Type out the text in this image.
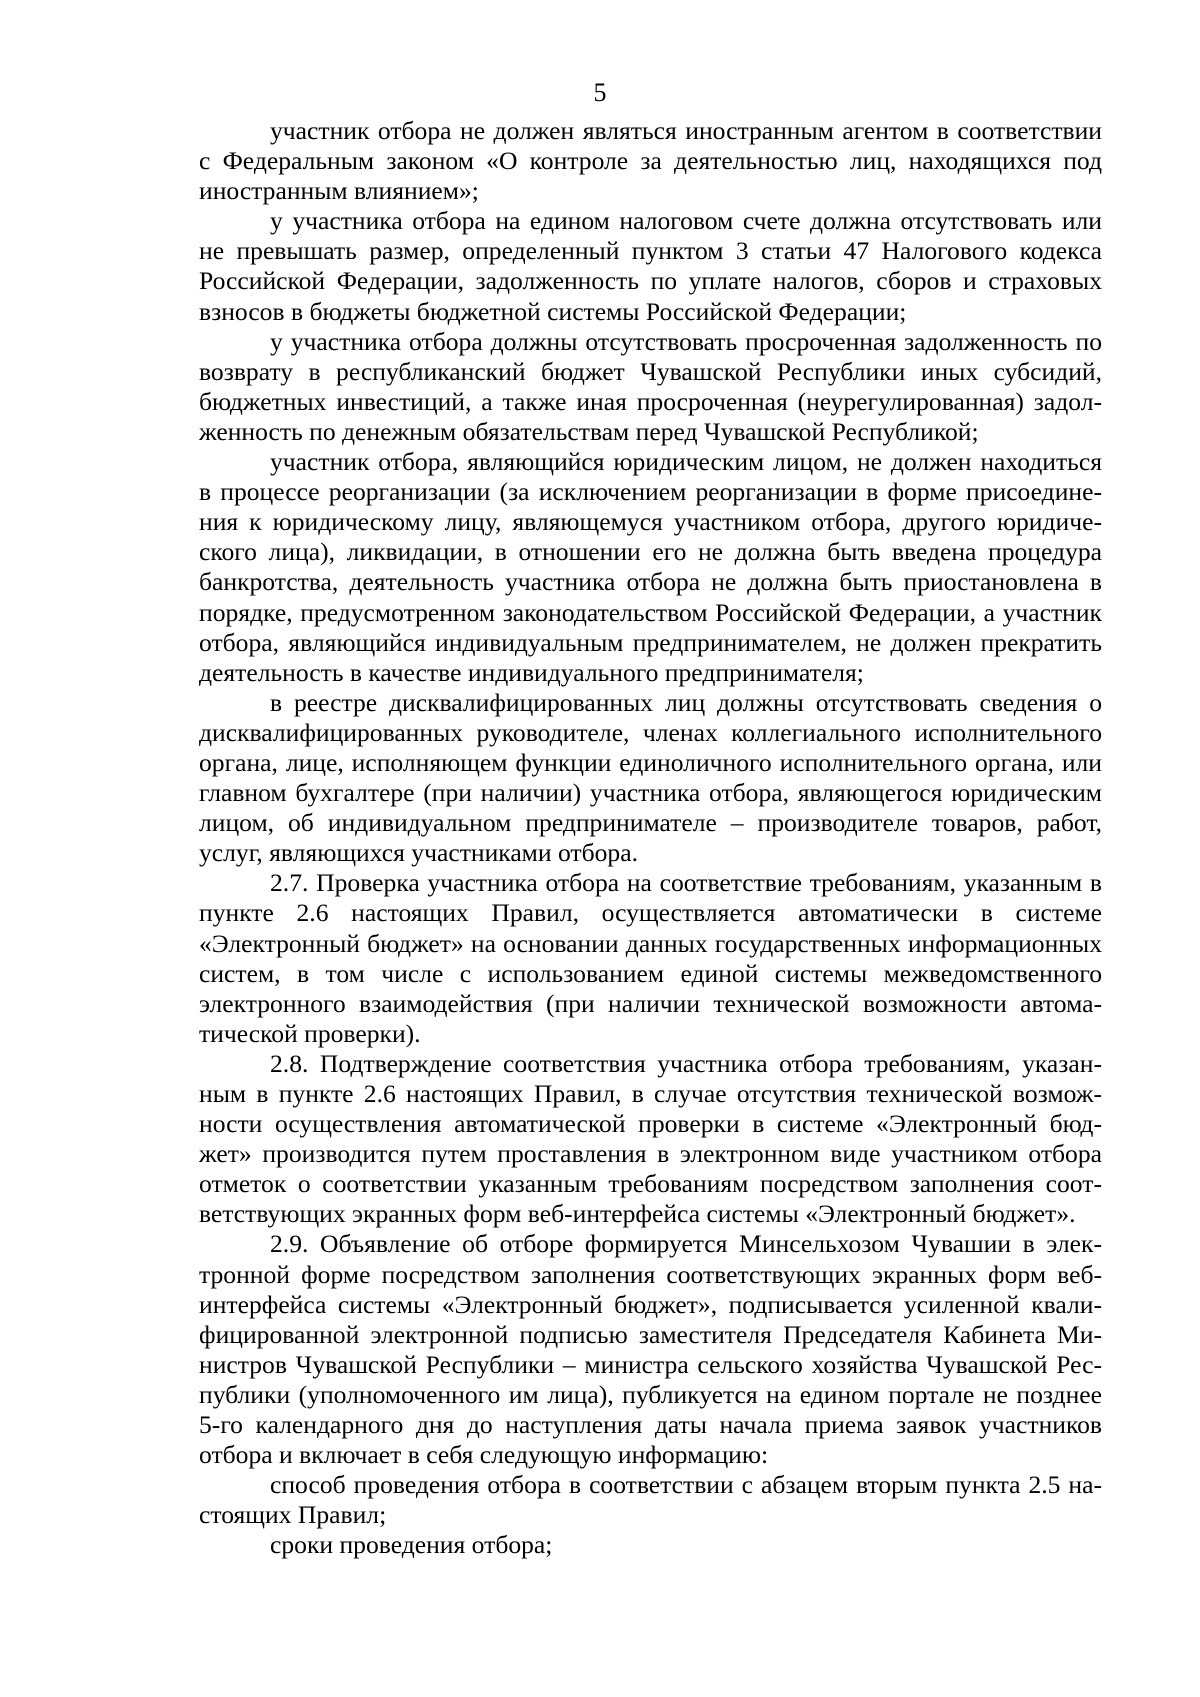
5

участник отбора не должен являться иностранным агентом в соответствии с Федеральным законом «О контроле за деятельностью лиц, находящихся под иностранным влиянием»;

у участника отбора на едином налоговом счете должна отсутствовать или не превышать размер, определенный пунктом 3 статьи 47 Налогового кодекса Российской Федерации, задолженность по уплате налогов, сборов и страховых взносов в бюджеты бюджетной системы Российской Федерации;

у участника отбора должны отсутствовать просроченная задолженность по возврату в республиканский бюджет Чувашской Республики иных субсидий, бюджетных инвестиций, а также иная просроченная (неурегулированная) задолженность по денежным обязательствам перед Чувашской Республикой;

участник отбора, являющийся юридическим лицом, не должен находиться в процессе реорганизации (за исключением реорганизации в форме присоединения к юридическому лицу, являющемуся участником отбора, другого юридического лица), ликвидации, в отношении его не должна быть введена процедура банкротства, деятельность участника отбора не должна быть приостановлена в порядке, предусмотренном законодательством Российской Федерации, а участник отбора, являющийся индивидуальным предпринимателем, не должен прекратить деятельность в качестве индивидуального предпринимателя;

в реестре дисквалифицированных лиц должны отсутствовать сведения о дисквалифицированных руководителе, членах коллегиального исполнительного органа, лице, исполняющем функции единоличного исполнительного органа, или главном бухгалтере (при наличии) участника отбора, являющегося юридическим лицом, об индивидуальном предпринимателе – производителе товаров, работ, услуг, являющихся участниками отбора.

2.7. Проверка участника отбора на соответствие требованиям, указанным в пункте 2.6 настоящих Правил, осуществляется автоматически в системе «Электронный бюджет» на основании данных государственных информационных систем, в том числе с использованием единой системы межведомственного электронного взаимодействия (при наличии технической возможности автоматической проверки).

2.8. Подтверждение соответствия участника отбора требованиям, указанным в пункте 2.6 настоящих Правил, в случае отсутствия технической возможности осуществления автоматической проверки в системе «Электронный бюджет» производится путем проставления в электронном виде участником отбора отметок о соответствии указанным требованиям посредством заполнения соответствующих экранных форм веб-интерфейса системы «Электронный бюджет».

2.9. Объявление об отборе формируется Минсельхозом Чувашии в электронной форме посредством заполнения соответствующих экранных форм веб-интерфейса системы «Электронный бюджет», подписывается усиленной квалифицированной электронной подписью заместителя Председателя Кабинета Министров Чувашской Республики – министра сельского хозяйства Чувашской Республики (уполномоченного им лица), публикуется на едином портале не позднее 5-го календарного дня до наступления даты начала приема заявок участников отбора и включает в себя следующую информацию:

способ проведения отбора в соответствии с абзацем вторым пункта 2.5 настоящих Правил;

сроки проведения отбора;
